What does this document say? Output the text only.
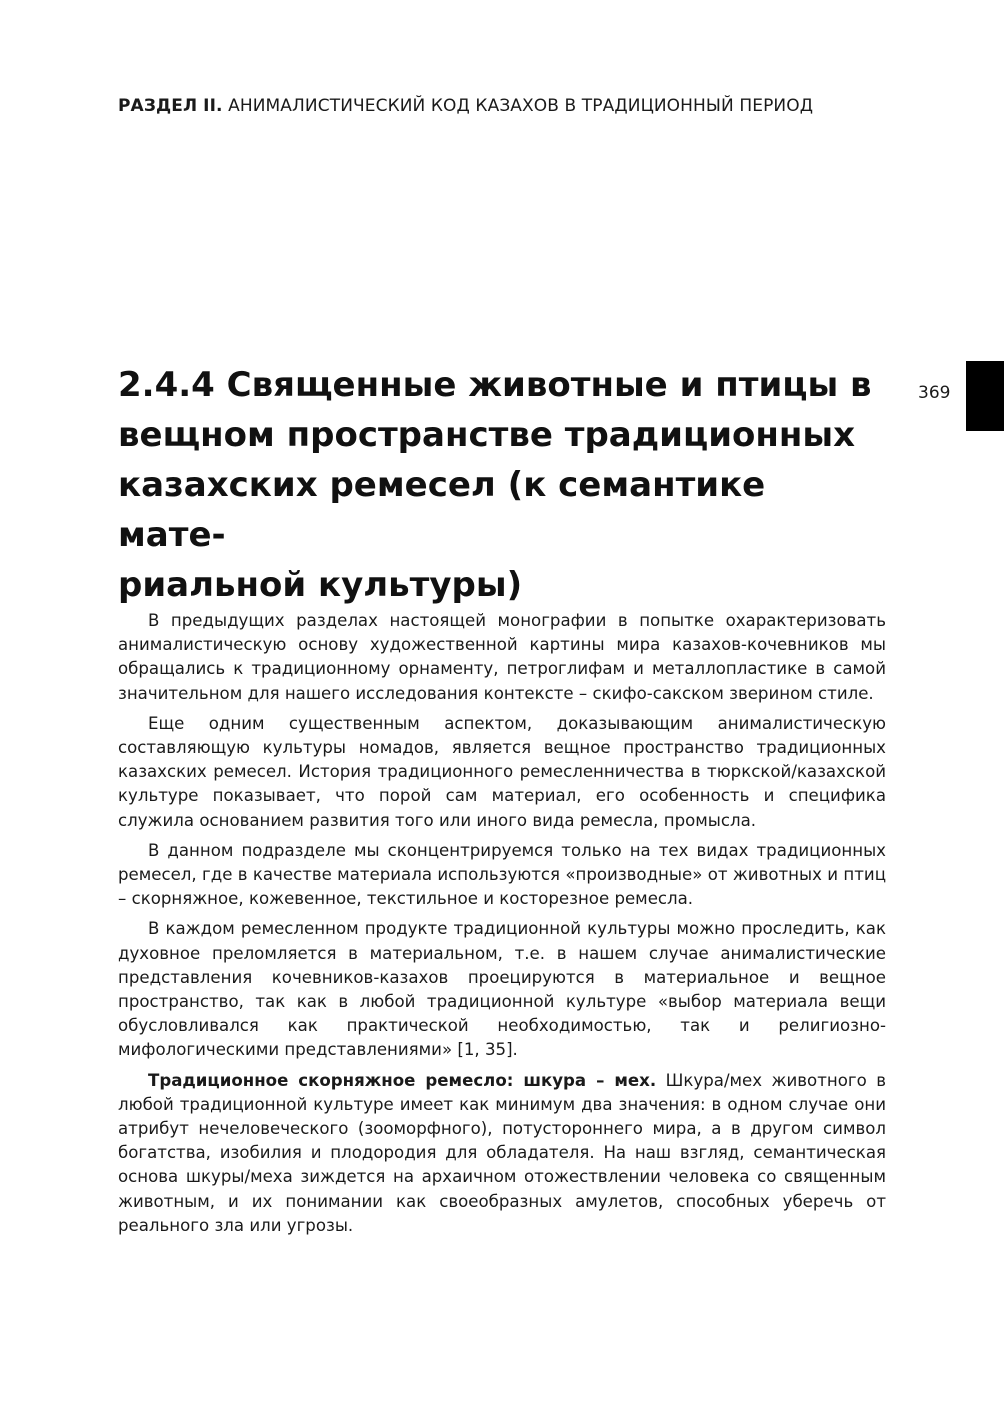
РАЗДЕЛ II. АНИМАЛИСТИЧЕСКИЙ КОД КАЗАХОВ В ТРАДИЦИОННЫЙ ПЕРИОД
369
2.4.4 Священные животные и птицы в
вещном пространстве традиционных
казахских ремесел (к семантике мате-
риальной культуры)

В предыдущих разделах настоящей монографии в попытке охарактеризовать анималистическую основу художественной картины мира казахов-кочевников мы обращались к традиционному орнаменту, петроглифам и металлопластике в самой значительном для нашего исследования контексте – скифо-сакском зверином стиле.

Еще одним существенным аспектом, доказывающим анималистическую составляющую культуры номадов, является вещное пространство традиционных казахских ремесел. История традиционного ремесленничества в тюркской/казахской культуре показывает, что порой сам материал, его особенность и специфика служила основанием развития того или иного вида ремесла, промысла.

В данном подразделе мы сконцентрируемся только на тех видах традиционных ремесел, где в качестве материала используются «производные» от животных и птиц – скорняжное, кожевенное, текстильное и косторезное ремесла.

В каждом ремесленном продукте традиционной культуры можно проследить, как духовное преломляется в материальном, т.е. в нашем случае анималистические представления кочевников-казахов проецируются в материальное и вещное пространство, так как в любой традиционной культуре «выбор материала вещи обусловливался как практической необходимостью, так и религиозно-мифологическими представлениями» [1, 35].

Традиционное скорняжное ремесло: шкура – мех. Шкура/мех животного в любой традиционной культуре имеет как минимум два значения: в одном случае они атрибут нечеловеческого (зооморфного), потустороннего мира, а в другом символ богатства, изобилия и плодородия для обладателя. На наш взгляд, семантическая основа шкуры/меха зиждется на архаичном отожествлении человека со священным животным, и их понимании как своеобразных амулетов, способных уберечь от реального зла или угрозы.
